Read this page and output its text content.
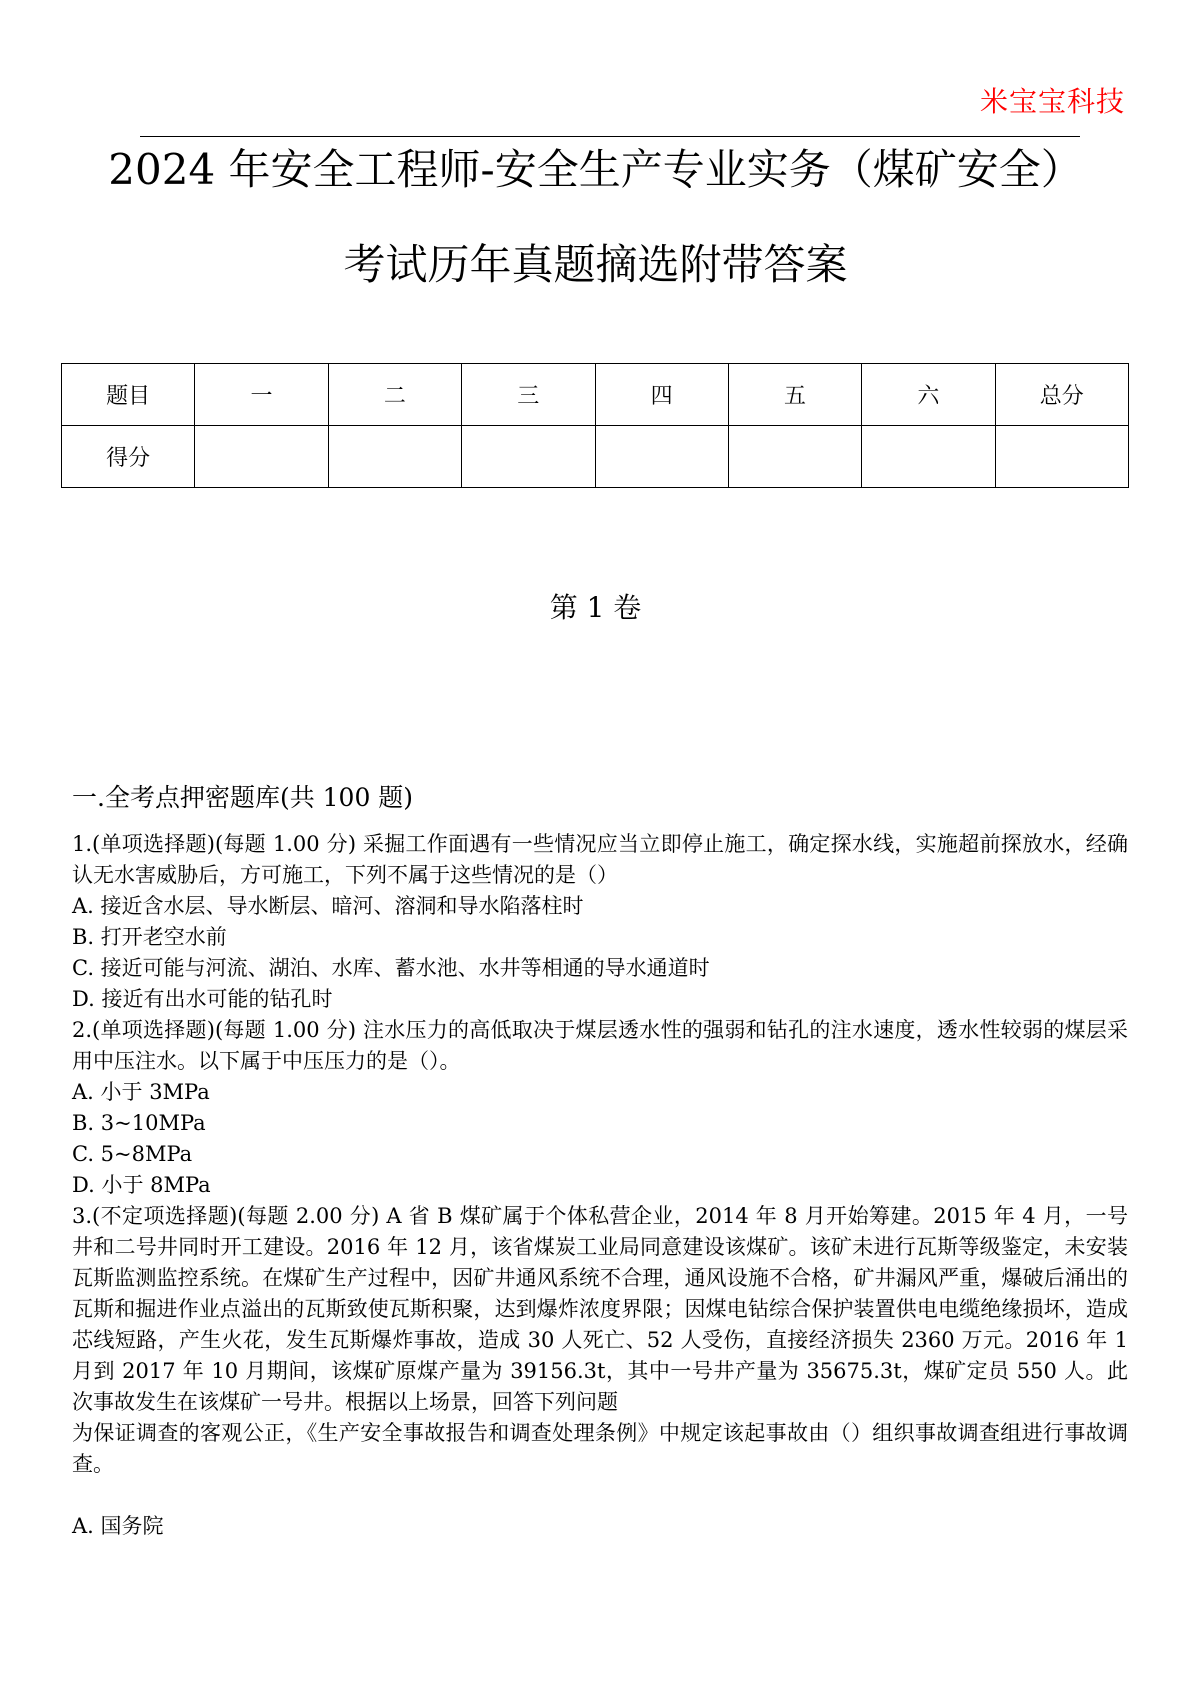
米宝宝科技
2024 年安全工程师-安全生产专业实务（煤矿安全）
考试历年真题摘选附带答案
题目	一	二	三	四	五	六	总分
得分							
第 1 卷
一.全考点押密题库(共 100 题)

1.(单项选择题)(每题 1.00 分) 采掘工作面遇有一些情况应当立即停止施工，确定探水线，实施超前探放水，经确认无水害威胁后，方可施工，下列不属于这些情况的是（）

A. 接近含水层、导水断层、暗河、溶洞和导水陷落柱时

B. 打开老空水前

C. 接近可能与河流、湖泊、水库、蓄水池、水井等相通的导水通道时

D. 接近有出水可能的钻孔时

2.(单项选择题)(每题 1.00 分) 注水压力的高低取决于煤层透水性的强弱和钻孔的注水速度，透水性较弱的煤层采用中压注水。以下属于中压压力的是（）。

A. 小于 3MPa

B. 3~10MPa

C. 5~8MPa

D. 小于 8MPa

3.(不定项选择题)(每题 2.00 分) A 省 B 煤矿属于个体私营企业，2014 年 8 月开始筹建。2015 年 4 月，一号井和二号井同时开工建设。2016 年 12 月，该省煤炭工业局同意建设该煤矿。该矿未进行瓦斯等级鉴定，未安装瓦斯监测监控系统。在煤矿生产过程中，因矿井通风系统不合理，通风设施不合格，矿井漏风严重，爆破后涌出的瓦斯和掘进作业点溢出的瓦斯致使瓦斯积聚，达到爆炸浓度界限；因煤电钻综合保护装置供电电缆绝缘损坏，造成芯线短路，产生火花，发生瓦斯爆炸事故，造成 30 人死亡、52 人受伤，直接经济损失 2360 万元。2016 年 1 月到 2017 年 10 月期间，该煤矿原煤产量为 39156.3t，其中一号井产量为 35675.3t，煤矿定员 550 人。此次事故发生在该煤矿一号井。根据以上场景，回答下列问题

为保证调查的客观公正，《生产安全事故报告和调查处理条例》中规定该起事故由（）组织事故调查组进行事故调查。

A. 国务院
